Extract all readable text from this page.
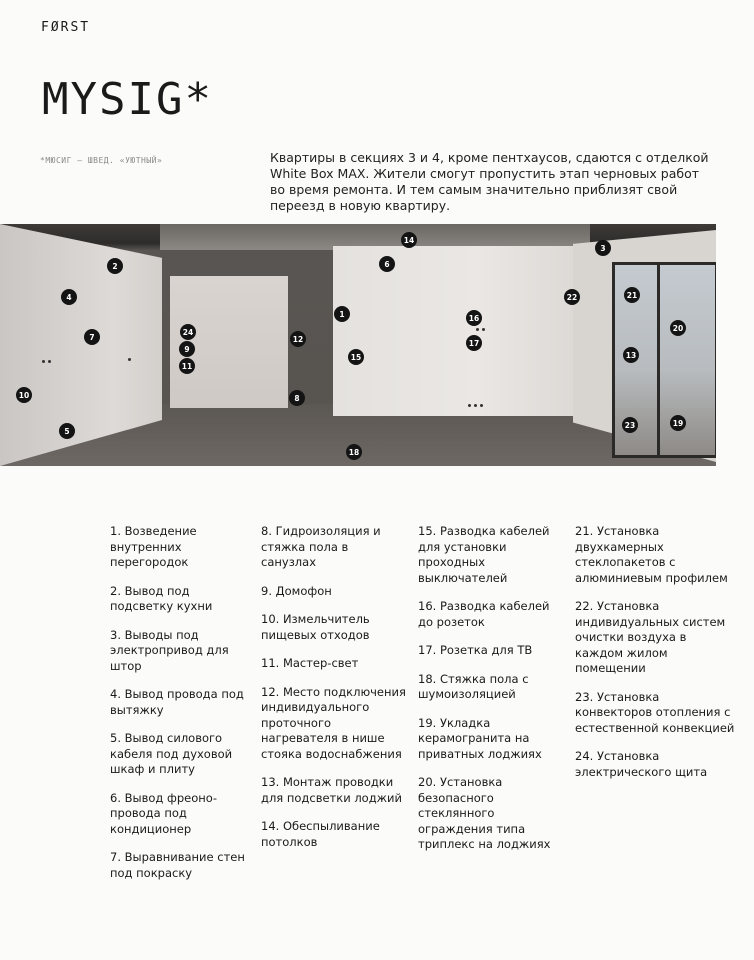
FØRST
MYSIG*
*МЮСИГ – ШВЕД. «УЮТНЫЙ»	Квартиры в секциях 3 и 4, кроме пентхаусов, сдаются с отделкой White Box MAX. Жители смогут пропустить этап черновых работ во время ремонта. И тем самым значительно приблизят свой переезд в новую квартиру.
1
2
3
4
5
6
7
8
9
10
11
12
13
14
15
16
17
18
19
20
21
22
23
24
1. Возведение внутренних перегородок
2. Вывод под подсветку кухни
3. Выводы под электропривод для штор
4. Вывод провода под вытяжку
5. Вывод силового кабеля под духовой шкаф и плиту
6. Вывод фреоно-провода под кондиционер
7. Выравнивание стен под покраску
8. Гидроизоляция и стяжка пола в санузлах
9. Домофон
10. Измельчитель пищевых отходов
11. Мастер-свет
12. Место подключения индивидуального проточного нагревателя в нише стояка водоснабжения
13. Монтаж проводки для подсветки лоджий
14. Обеспыливание потолков
15. Разводка кабелей для установки проходных выключателей
16. Разводка кабелей до розеток
17. Розетка для ТВ
18. Стяжка пола с шумоизоляцией
19. Укладка керамогранита на приватных лоджиях
20. Установка безопасного стеклянного ограждения типа триплекс на лоджиях
21. Установка двухкамерных стеклопакетов с алюминиевым профилем
22. Установка индивидуальных систем очистки воздуха в каждом жилом помещении
23. Установка конвекторов отопления с естественной конвекцией
24. Установка электрического щита
